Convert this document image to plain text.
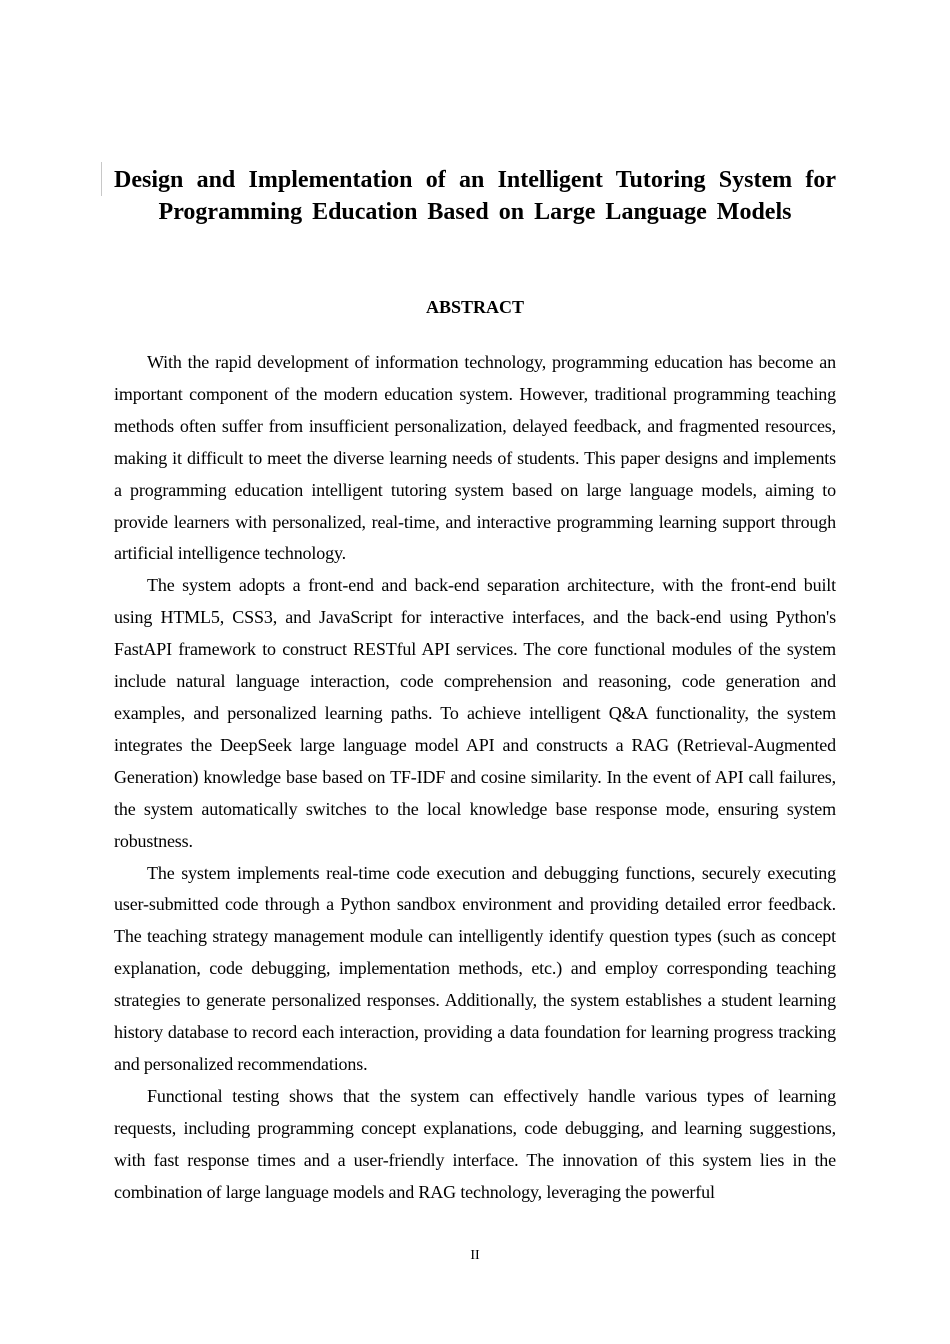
Design and Implementation of an Intelligent Tutoring System for Programming Education Based on Large Language Models
ABSTRACT

With the rapid development of information technology, programming education has become an important component of the modern education system. However, traditional programming teaching methods often suffer from insufficient personalization, delayed feedback, and fragmented resources, making it difficult to meet the diverse learning needs of students. This paper designs and implements a programming education intelligent tutoring system based on large language models, aiming to provide learners with personalized, real-time, and interactive programming learning support through artificial intelligence technology.

The system adopts a front-end and back-end separation architecture, with the front-end built using HTML5, CSS3, and JavaScript for interactive interfaces, and the back-end using Python's FastAPI framework to construct RESTful API services. The core functional modules of the system include natural language interaction, code comprehension and reasoning, code generation and examples, and personalized learning paths. To achieve intelligent Q&A functionality, the system integrates the DeepSeek large language model API and constructs a RAG (Retrieval-Augmented Generation) knowledge base based on TF-IDF and cosine similarity. In the event of API call failures, the system automatically switches to the local knowledge base response mode, ensuring system robustness.

The system implements real-time code execution and debugging functions, securely executing user-submitted code through a Python sandbox environment and providing detailed error feedback. The teaching strategy management module can intelligently identify question types (such as concept explanation, code debugging, implementation methods, etc.) and employ corresponding teaching strategies to generate personalized responses. Additionally, the system establishes a student learning history database to record each interaction, providing a data foundation for learning progress tracking and personalized recommendations.

Functional testing shows that the system can effectively handle various types of learning requests, including programming concept explanations, code debugging, and learning suggestions, with fast response times and a user-friendly interface. The innovation of this system lies in the combination of large language models and RAG technology, leveraging the powerful

II
